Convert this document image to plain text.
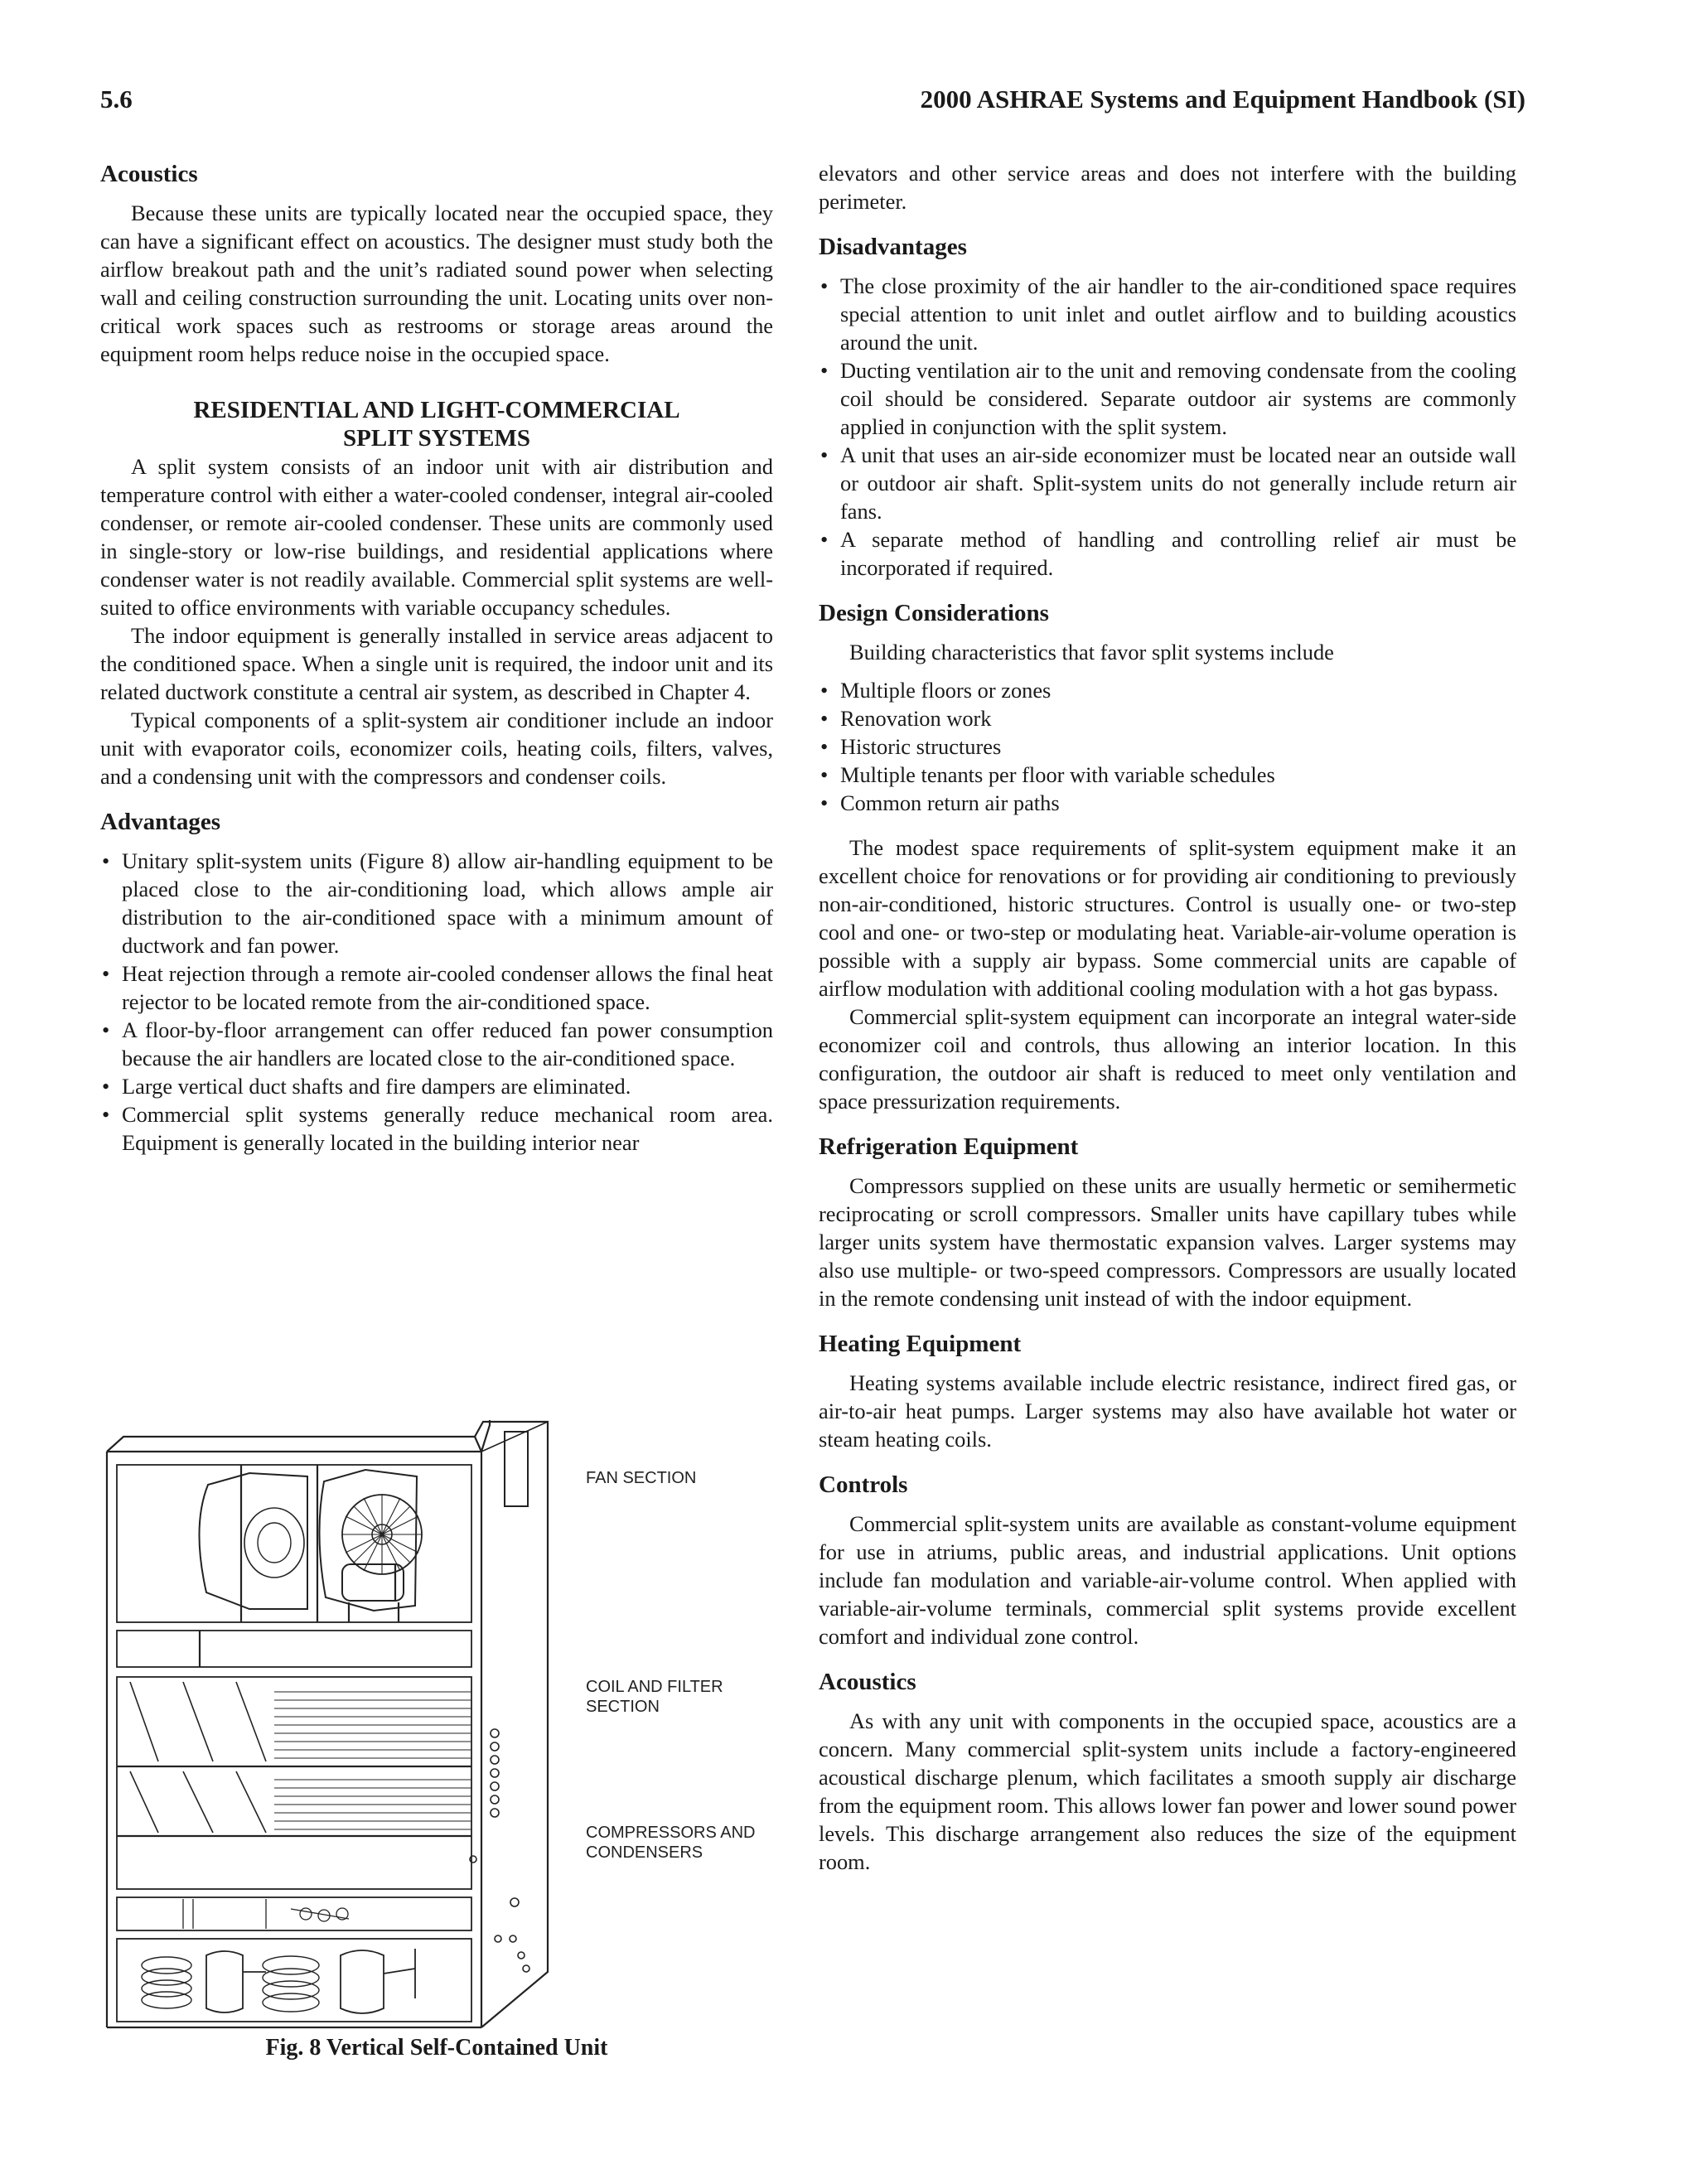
5.6	2000 ASHRAE Systems and Equipment Handbook (SI)
Acoustics

Because these units are typically located near the occupied space, they can have a significant effect on acoustics. The designer must study both the airflow breakout path and the unit’s radiated sound power when selecting wall and ceiling construction surrounding the unit. Locating units over non-critical work spaces such as restrooms or storage areas around the equipment room helps reduce noise in the occupied space.

RESIDENTIAL AND LIGHT-COMMERCIAL
SPLIT SYSTEMS

A split system consists of an indoor unit with air distribution and temperature control with either a water-cooled condenser, integral air-cooled condenser, or remote air-cooled condenser. These units are commonly used in single-story or low-rise buildings, and residential applications where condenser water is not readily available. Commercial split systems are well-suited to office environments with variable occupancy schedules.

The indoor equipment is generally installed in service areas adjacent to the conditioned space. When a single unit is required, the indoor unit and its related ductwork constitute a central air system, as described in Chapter 4.

Typical components of a split-system air conditioner include an indoor unit with evaporator coils, economizer coils, heating coils, filters, valves, and a condensing unit with the compressors and condenser coils.

Advantages
• Unitary split-system units (Figure 8) allow air-handling equipment to be placed close to the air-conditioning load, which allows ample air distribution to the air-conditioned space with a minimum amount of ductwork and fan power.
• Heat rejection through a remote air-cooled condenser allows the final heat rejector to be located remote from the air-conditioned space.
• A floor-by-floor arrangement can offer reduced fan power consumption because the air handlers are located close to the air-conditioned space.
• Large vertical duct shafts and fire dampers are eliminated.
• Commercial split systems generally reduce mechanical room area. Equipment is generally located in the building interior near
FAN SECTION
COIL AND FILTER
SECTION
COMPRESSORS AND
CONDENSERS
Fig. 8 Vertical Self-Contained Unit

elevators and other service areas and does not interfere with the building perimeter.

Disadvantages
• The close proximity of the air handler to the air-conditioned space requires special attention to unit inlet and outlet airflow and to building acoustics around the unit.
• Ducting ventilation air to the unit and removing condensate from the cooling coil should be considered. Separate outdoor air systems are commonly applied in conjunction with the split system.
• A unit that uses an air-side economizer must be located near an outside wall or outdoor air shaft. Split-system units do not generally include return air fans.
• A separate method of handling and controlling relief air must be incorporated if required.
Design Considerations

Building characteristics that favor split systems include

• Multiple floors or zones
• Renovation work
• Historic structures
• Multiple tenants per floor with variable schedules
• Common return air paths

The modest space requirements of split-system equipment make it an excellent choice for renovations or for providing air conditioning to previously non-air-conditioned, historic structures. Control is usually one- or two-step cool and one- or two-step or modulating heat. Variable-air-volume operation is possible with a supply air bypass. Some commercial units are capable of airflow modulation with additional cooling modulation with a hot gas bypass.

Commercial split-system equipment can incorporate an integral water-side economizer coil and controls, thus allowing an interior location. In this configuration, the outdoor air shaft is reduced to meet only ventilation and space pressurization requirements.

Refrigeration Equipment

Compressors supplied on these units are usually hermetic or semihermetic reciprocating or scroll compressors. Smaller units have capillary tubes while larger units system have thermostatic expansion valves. Larger systems may also use multiple- or two-speed compressors. Compressors are usually located in the remote condensing unit instead of with the indoor equipment.

Heating Equipment

Heating systems available include electric resistance, indirect fired gas, or air-to-air heat pumps. Larger systems may also have available hot water or steam heating coils.

Controls

Commercial split-system units are available as constant-volume equipment for use in atriums, public areas, and industrial applications. Unit options include fan modulation and variable-air-volume control. When applied with variable-air-volume terminals, commercial split systems provide excellent comfort and individual zone control.

Acoustics

As with any unit with components in the occupied space, acoustics are a concern. Many commercial split-system units include a factory-engineered acoustical discharge plenum, which facilitates a smooth supply air discharge from the equipment room. This allows lower fan power and lower sound power levels. This discharge arrangement also reduces the size of the equipment room.
